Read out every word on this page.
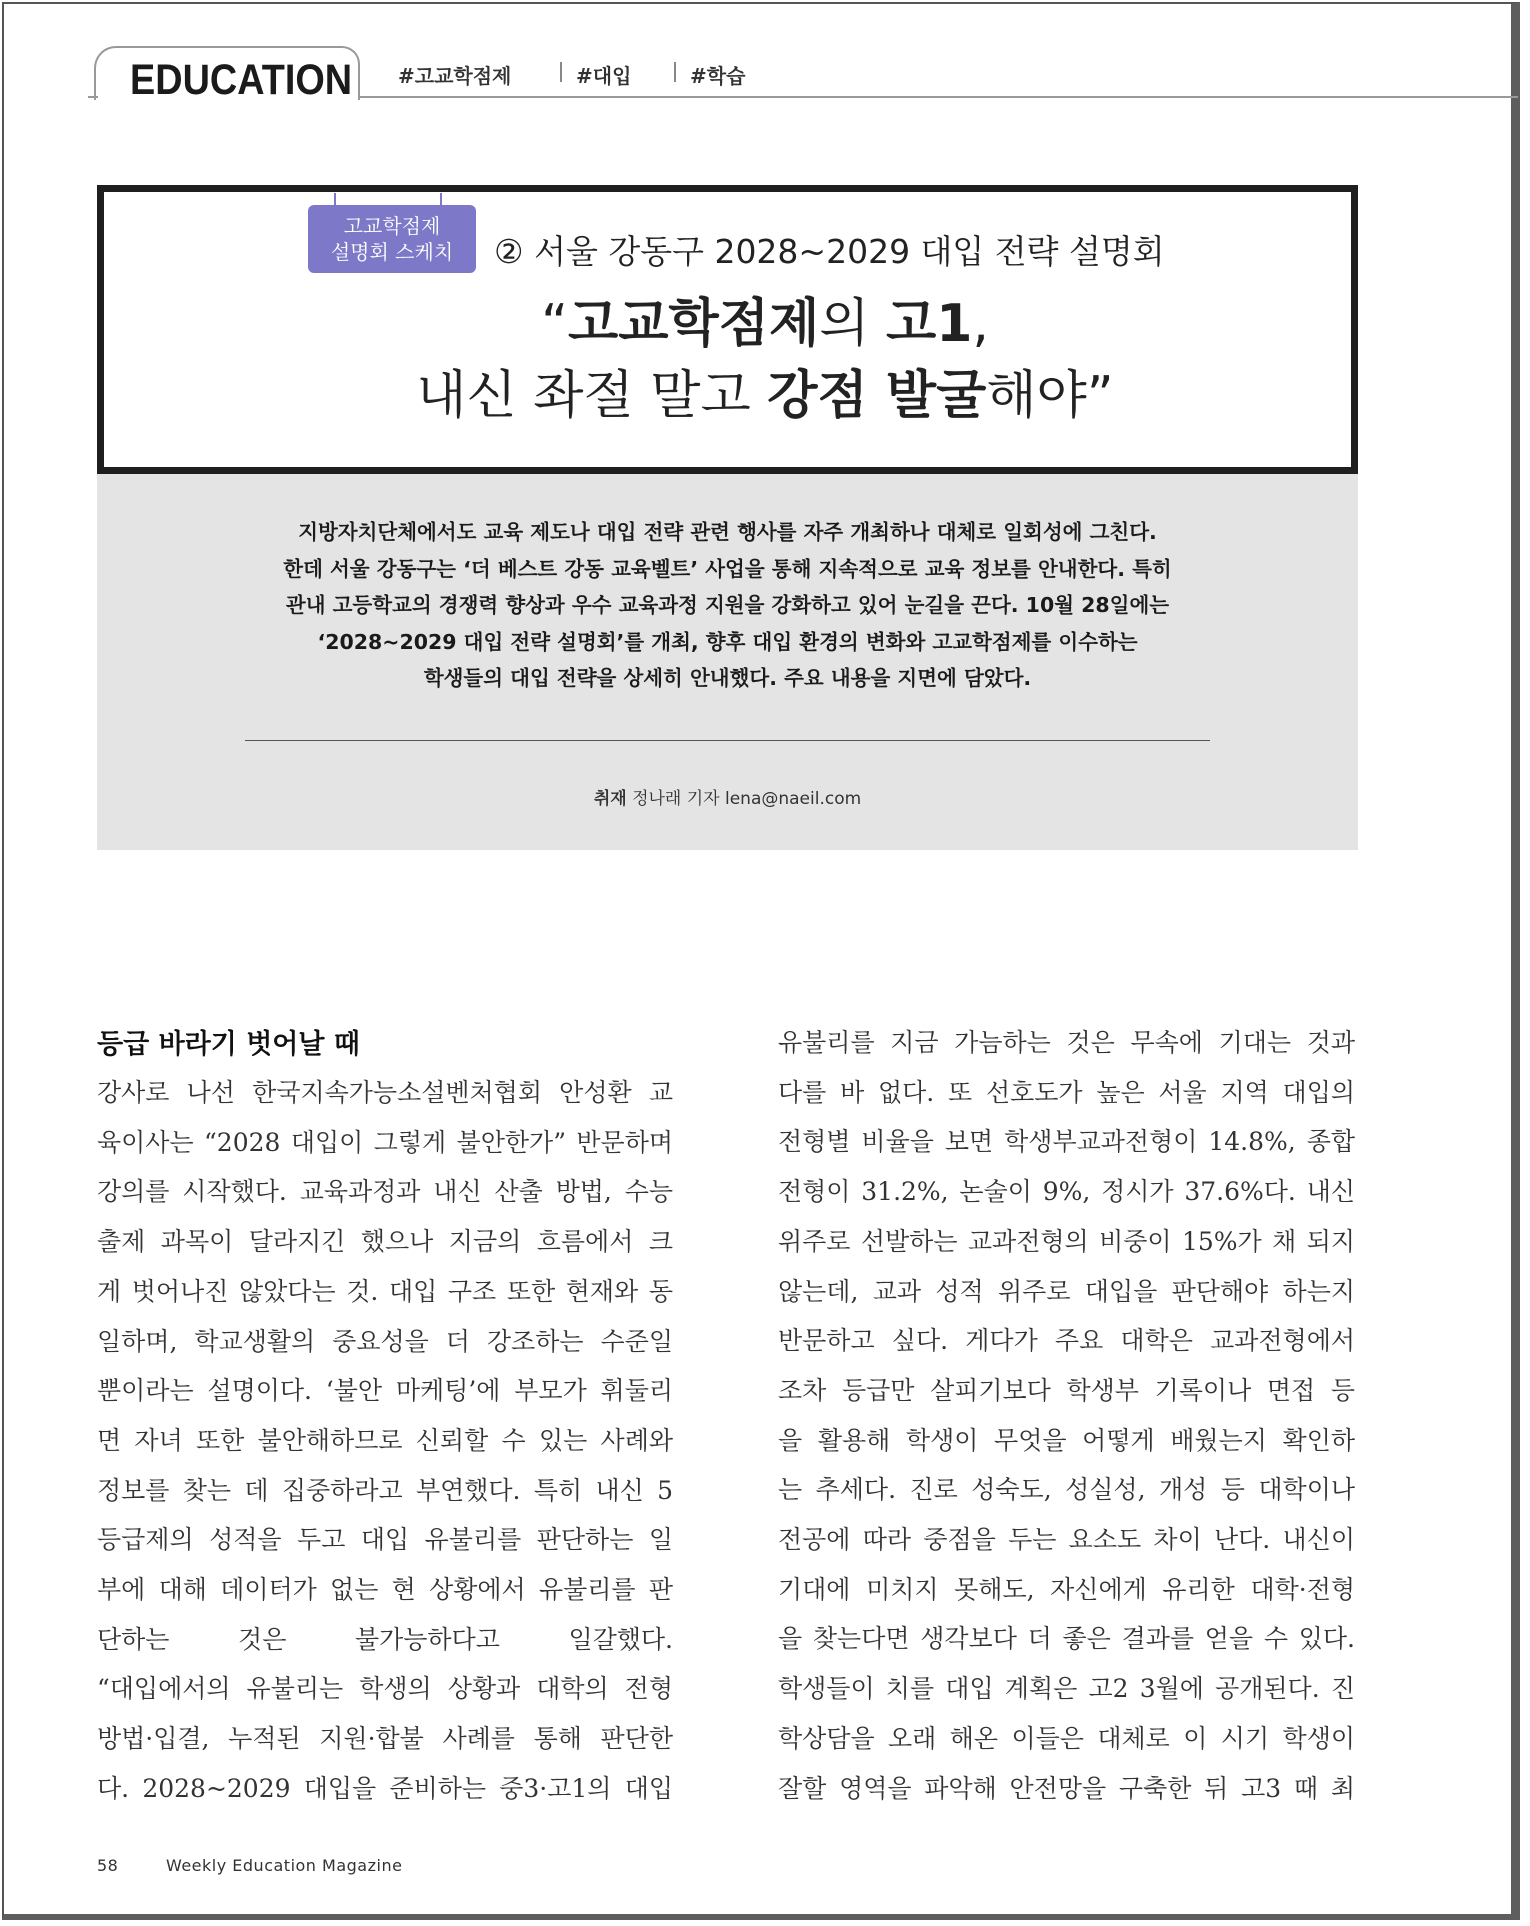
EDUCATION #고교학점제	#대입	#학습
고교학점제
설명회 스케치	② 서울 강동구 2028~2029 대입 전략 설명회
“고교학점제의 고1,
내신 좌절 말고 강점 발굴해야”
지방자치단체에서도 교육 제도나 대입 전략 관련 행사를 자주 개최하나 대체로 일회성에 그친다.
한데 서울 강동구는 ‘더 베스트 강동 교육벨트’ 사업을 통해 지속적으로 교육 정보를 안내한다. 특히
관내 고등학교의 경쟁력 향상과 우수 교육과정 지원을 강화하고 있어 눈길을 끈다. 10월 28일에는
‘2028~2029 대입 전략 설명회’를 개최, 향후 대입 환경의 변화와 고교학점제를 이수하는
학생들의 대입 전략을 상세히 안내했다. 주요 내용을 지면에 담았다.
취재 정나래 기자 lena@naeil.com
등급 바라기 벗어날 때
강사로 나선 한국지속가능소설벤처협회 안성환 교
육이사는 “2028 대입이 그렇게 불안한가” 반문하며
강의를 시작했다. 교육과정과 내신 산출 방법, 수능
출제 과목이 달라지긴 했으나 지금의 흐름에서 크
게 벗어나진 않았다는 것. 대입 구조 또한 현재와 동
일하며, 학교생활의 중요성을 더 강조하는 수준일
뿐이라는 설명이다. ‘불안 마케팅’에 부모가 휘둘리
면 자녀 또한 불안해하므로 신뢰할 수 있는 사례와
정보를 찾는 데 집중하라고 부연했다. 특히 내신 5
등급제의 성적을 두고 대입 유불리를 판단하는 일
부에 대해 데이터가 없는 현 상황에서 유불리를 판
단하는 것은 불가능하다고 일갈했다.
“대입에서의 유불리는 학생의 상황과 대학의 전형
방법·입결, 누적된 지원·합불 사례를 통해 판단한
다. 2028~2029 대입을 준비하는 중3·고1의 대입
유불리를 지금 가늠하는 것은 무속에 기대는 것과
다를 바 없다. 또 선호도가 높은 서울 지역 대입의
전형별 비율을 보면 학생부교과전형이 14.8%, 종합
전형이 31.2%, 논술이 9%, 정시가 37.6%다. 내신
위주로 선발하는 교과전형의 비중이 15%가 채 되지
않는데, 교과 성적 위주로 대입을 판단해야 하는지
반문하고 싶다. 게다가 주요 대학은 교과전형에서
조차 등급만 살피기보다 학생부 기록이나 면접 등
을 활용해 학생이 무엇을 어떻게 배웠는지 확인하
는 추세다. 진로 성숙도, 성실성, 개성 등 대학이나
전공에 따라 중점을 두는 요소도 차이 난다. 내신이
기대에 미치지 못해도, 자신에게 유리한 대학·전형
을 찾는다면 생각보다 더 좋은 결과를 얻을 수 있다.
학생들이 치를 대입 계획은 고2 3월에 공개된다. 진
학상담을 오래 해온 이들은 대체로 이 시기 학생이
잘할 영역을 파악해 안전망을 구축한 뒤 고3 때 최
58	Weekly Education Magazine
